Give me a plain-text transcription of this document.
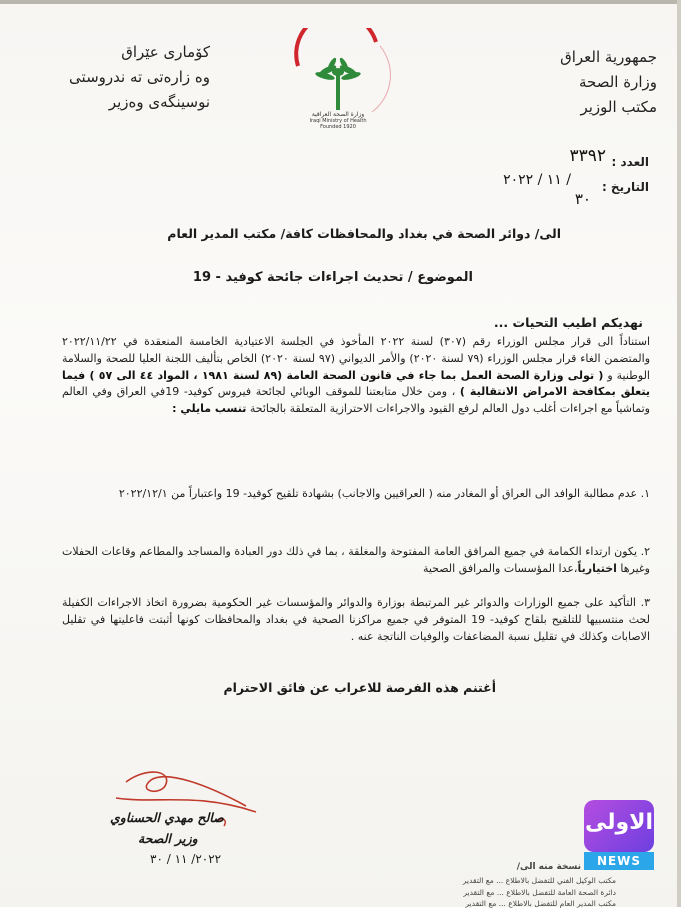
جمهورية العراق
وزارة الصحة
مكتب الوزير
كۆماری عێراق
وه زارەتی تە ندروستی
نوسینگەی وەزیر
وزارة الصحة العراقية
Iraqi Ministry of Health
Founded 1920
العدد :
٣٣٩٢
التاريخ :
/ ١١ / ٢٠٢٢
٣٠
الى/ دوائر الصحة في بغداد والمحافظات كافة/ مكتب المدير العام
الموضوع / تحديث اجراءات جائحة كوفيد - 19
نهديكم اطيب التحيات ...
استناداً الى قرار مجلس الوزراء رقم (٣٠٧) لسنة ٢٠٢٢ المأخوذ في الجلسة الاعتيادية الخامسة المنعقدة في ٢٠٢٢/١١/٢٢ والمتضمن الغاء قرار مجلس الوزراء (٧٩ لسنة ٢٠٢٠) والأمر الديواني (٩٧ لسنة ٢٠٢٠) الخاص بتأليف اللجنة العليا للصحة والسلامة الوطنية و ( تولى وزارة الصحة العمل بما جاء في قانون الصحة العامة (٨٩ لسنة ١٩٨١ ، المواد ٤٤ الى ٥٧ ) فيما يتعلق بمكافحة الامراض الانتقالية ) ، ومن خلال متابعتنا للموقف الوبائي لجائحة فيروس كوفيد- 19في العراق وفي العالم وتماشياً مع اجراءات أغلب دول العالم لرفع القيود والاجراءات الاحترازية المتعلقة بالجائحة تنسب مايلي :
١. عدم مطالبة الوافد الى العراق أو المغادر منه ( العراقيين والاجانب) بشهادة تلقيح كوفيد- 19 واعتباراً من ٢٠٢٢/١٢/١
٢. يكون ارتداء الكمامة في جميع المرافق العامة المفتوحة والمغلقة ، بما في ذلك دور العبادة والمساجد والمطاعم وقاعات الحفلات وغيرها اختيارياً،عدا المؤسسات والمرافق الصحية
٣. التأكيد على جميع الوزارات والدوائر غير المرتبطة بوزارة والدوائر والمؤسسات غير الحكومية بضرورة اتخاذ الاجراءات الكفيلة لحث منتسبيها للتلقيح بلقاح كوفيد- 19 المتوفر في جميع مراكزنا الصحية في بغداد والمحافظات كونها أثبتت فاعليتها في تقليل الاصابات وكذلك في تقليل نسبة المضاعفات والوفيات الناتجة عنه .
أغتنم هذه الفرصة للاعراب عن فائق الاحترام
صالح مهدي الحسناوي
وزير الصحة
٢٠٢٢/ ١١ / ٣٠
نسخة منه الى/
مكتب الوكيل الفني للتفضل بالاطلاع ... مع التقدير
دائرة الصحة العامة للتفضل بالاطلاع ... مع التقدير
مكتب المدير العام للتفضل بالاطلاع ... مع التقدير
الاولى
NEWS
